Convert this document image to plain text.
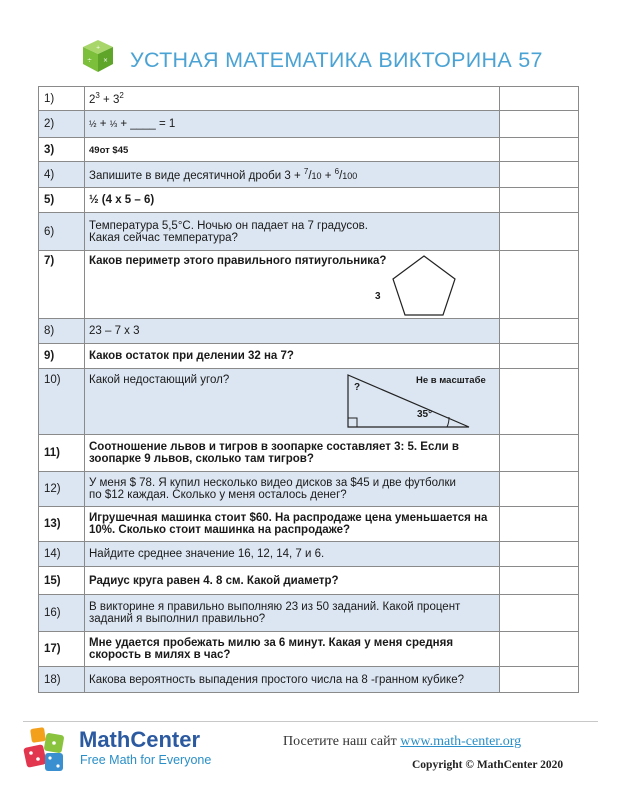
+
÷ × УСТНАЯ МАТЕМАТИКА ВИКТОРИНА 57
1)	$2^3 + 3^2$	
2)	½ + ⅓ + ____ = 1	
3)	49от $45	
4)	Запишите в виде десятичной дроби 3 + $^7$/10 + $^6$/100	
5)	½ (4 x 5 – 6)	
6)	Температура 5,5°C. Ночью он падает на 7 градусов.
Какая сейчас температура?	

7)	Каков периметр этого правильного пятиугольника?
3	

8)	23 – 7 x 3	
9)	Каков остаток при делении 32 на 7?	
10)	Какой недостающий угол? Не в масштабе
?
35°	

11)	Соотношение львов и тигров в зоопарке составляет 3: 5. Если в
зоопарке 9 львов, сколько там тигров?	

12)	У меня $ 78. Я купил несколько видео дисков за $45 и две футболки
по $12 каждая. Сколько у меня осталось денег?	

13)	Игрушечная машинка стоит $60. На распродаже цена уменьшается на
10%. Сколько стоит машинка на распродаже?	

14)	Найдите среднее значение 16, 12, 14, 7 и 6.	
15)	Радиус круга равен 4. 8 см. Какой диаметр?	
16)	В викторине я правильно выполняю 23 из 50 заданий. Какой процент
заданий я выполнил правильно?	

17)	Мне удается пробежать милю за 6 минут. Какая у меня средняя
скорость в милях в час?	

18)	Какова вероятность выпадения простого числа на 8 -гранном кубике?	
MathCenter
Free Math for Everyone
Посетите наш сайт www.math-center.org
Copyright © MathCenter 2020
